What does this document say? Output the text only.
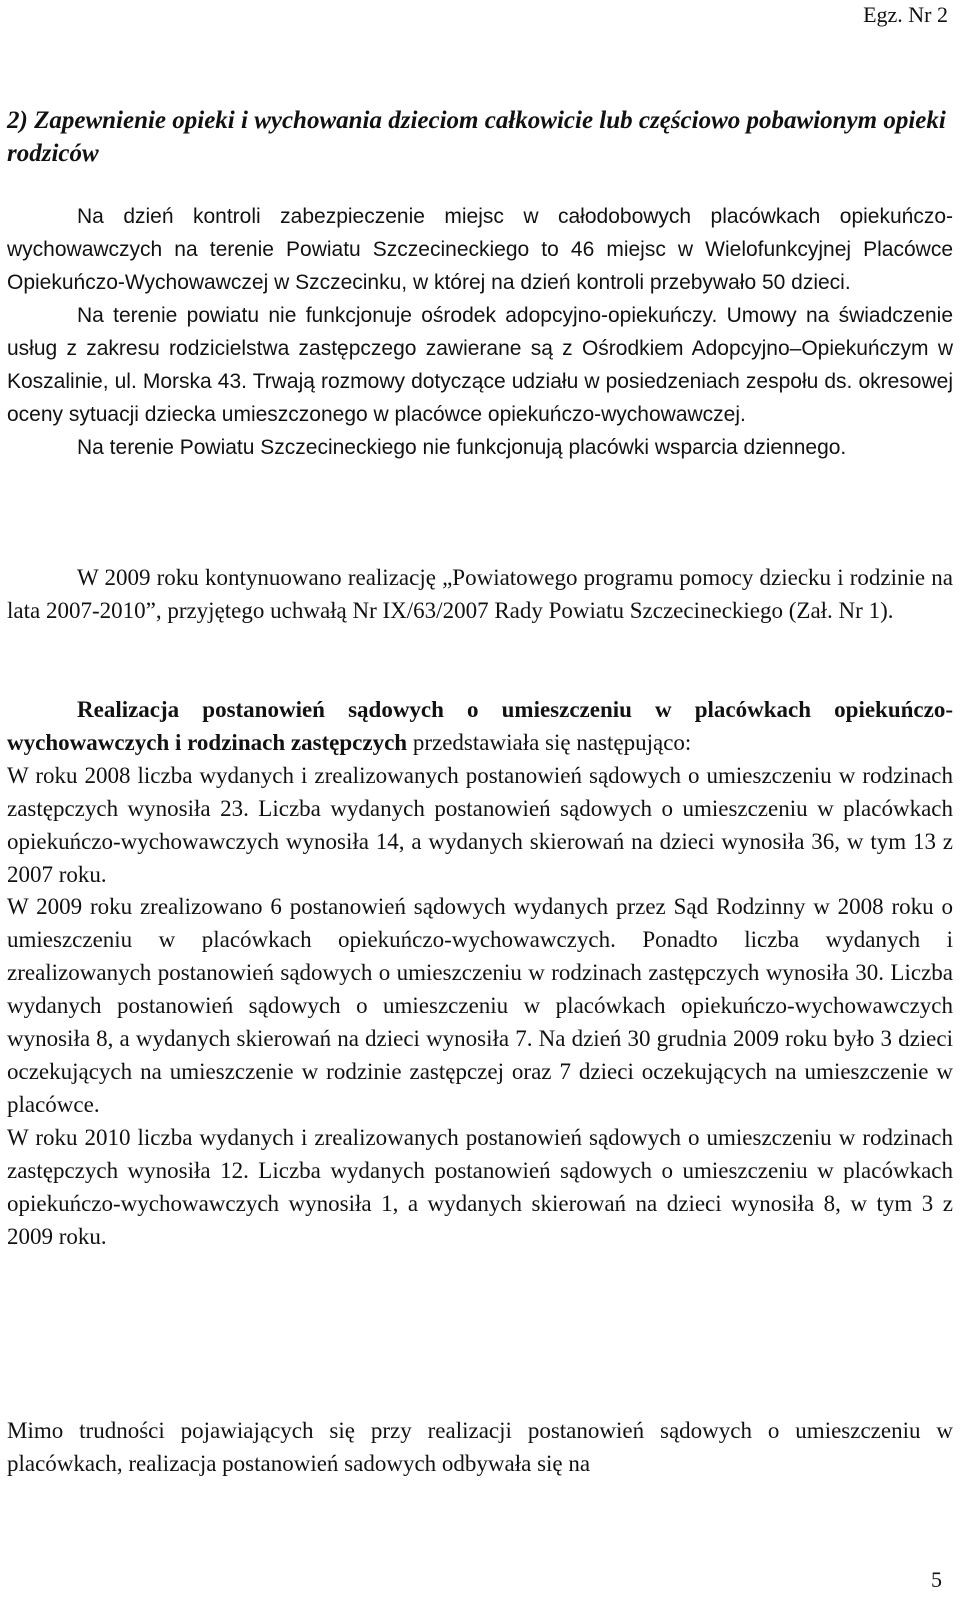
Egz. Nr 2
2) Zapewnienie opieki i wychowania dzieciom całkowicie lub częściowo pobawionym opieki rodziców

Na dzień kontroli zabezpieczenie miejsc w całodobowych placówkach opiekuńczo-wychowawczych na terenie Powiatu Szczecineckiego to 46 miejsc w Wielofunkcyjnej Placówce Opiekuńczo-Wychowawczej w Szczecinku, w której na dzień kontroli przebywało 50 dzieci.

Na terenie powiatu nie funkcjonuje ośrodek adopcyjno-opiekuńczy. Umowy na świadczenie usług z zakresu rodzicielstwa zastępczego zawierane są z Ośrodkiem Adopcyjno–Opiekuńczym w Koszalinie, ul. Morska 43. Trwają rozmowy dotyczące udziału w posiedzeniach zespołu ds. okresowej oceny sytuacji dziecka umieszczonego w placówce opiekuńczo-wychowawczej.

Na terenie Powiatu Szczecineckiego nie funkcjonują placówki wsparcia dziennego.

W 2009 roku kontynuowano realizację „Powiatowego programu pomocy dziecku i rodzinie na lata 2007-2010”, przyjętego uchwałą Nr IX/63/2007 Rady Powiatu Szczecineckiego (Zał. Nr 1).

Realizacja postanowień sądowych o umieszczeniu w placówkach opiekuńczo-wychowawczych i rodzinach zastępczych przedstawiała się następująco:

W roku 2008 liczba wydanych i zrealizowanych postanowień sądowych o umieszczeniu w rodzinach zastępczych wynosiła 23. Liczba wydanych postanowień sądowych o umieszczeniu w placówkach opiekuńczo-wychowawczych wynosiła 14, a wydanych skierowań na dzieci wynosiła 36, w tym 13 z 2007 roku.

W 2009 roku zrealizowano 6 postanowień sądowych wydanych przez Sąd Rodzinny w 2008 roku o umieszczeniu w placówkach opiekuńczo-wychowawczych. Ponadto liczba wydanych i zrealizowanych postanowień sądowych o umieszczeniu w rodzinach zastępczych wynosiła 30. Liczba wydanych postanowień sądowych o umieszczeniu w placówkach opiekuńczo-wychowawczych wynosiła 8, a wydanych skierowań na dzieci wynosiła 7. Na dzień 30 grudnia 2009 roku było 3 dzieci oczekujących na umieszczenie w rodzinie zastępczej oraz 7 dzieci oczekujących na umieszczenie w placówce.

W roku 2010 liczba wydanych i zrealizowanych postanowień sądowych o umieszczeniu w rodzinach zastępczych wynosiła 12. Liczba wydanych postanowień sądowych o umieszczeniu w placówkach opiekuńczo-wychowawczych wynosiła 1, a wydanych skierowań na dzieci wynosiła 8, w tym 3 z 2009 roku.

Mimo trudności pojawiających się przy realizacji postanowień sądowych o umieszczeniu w placówkach, realizacja postanowień sadowych odbywała się na

5
